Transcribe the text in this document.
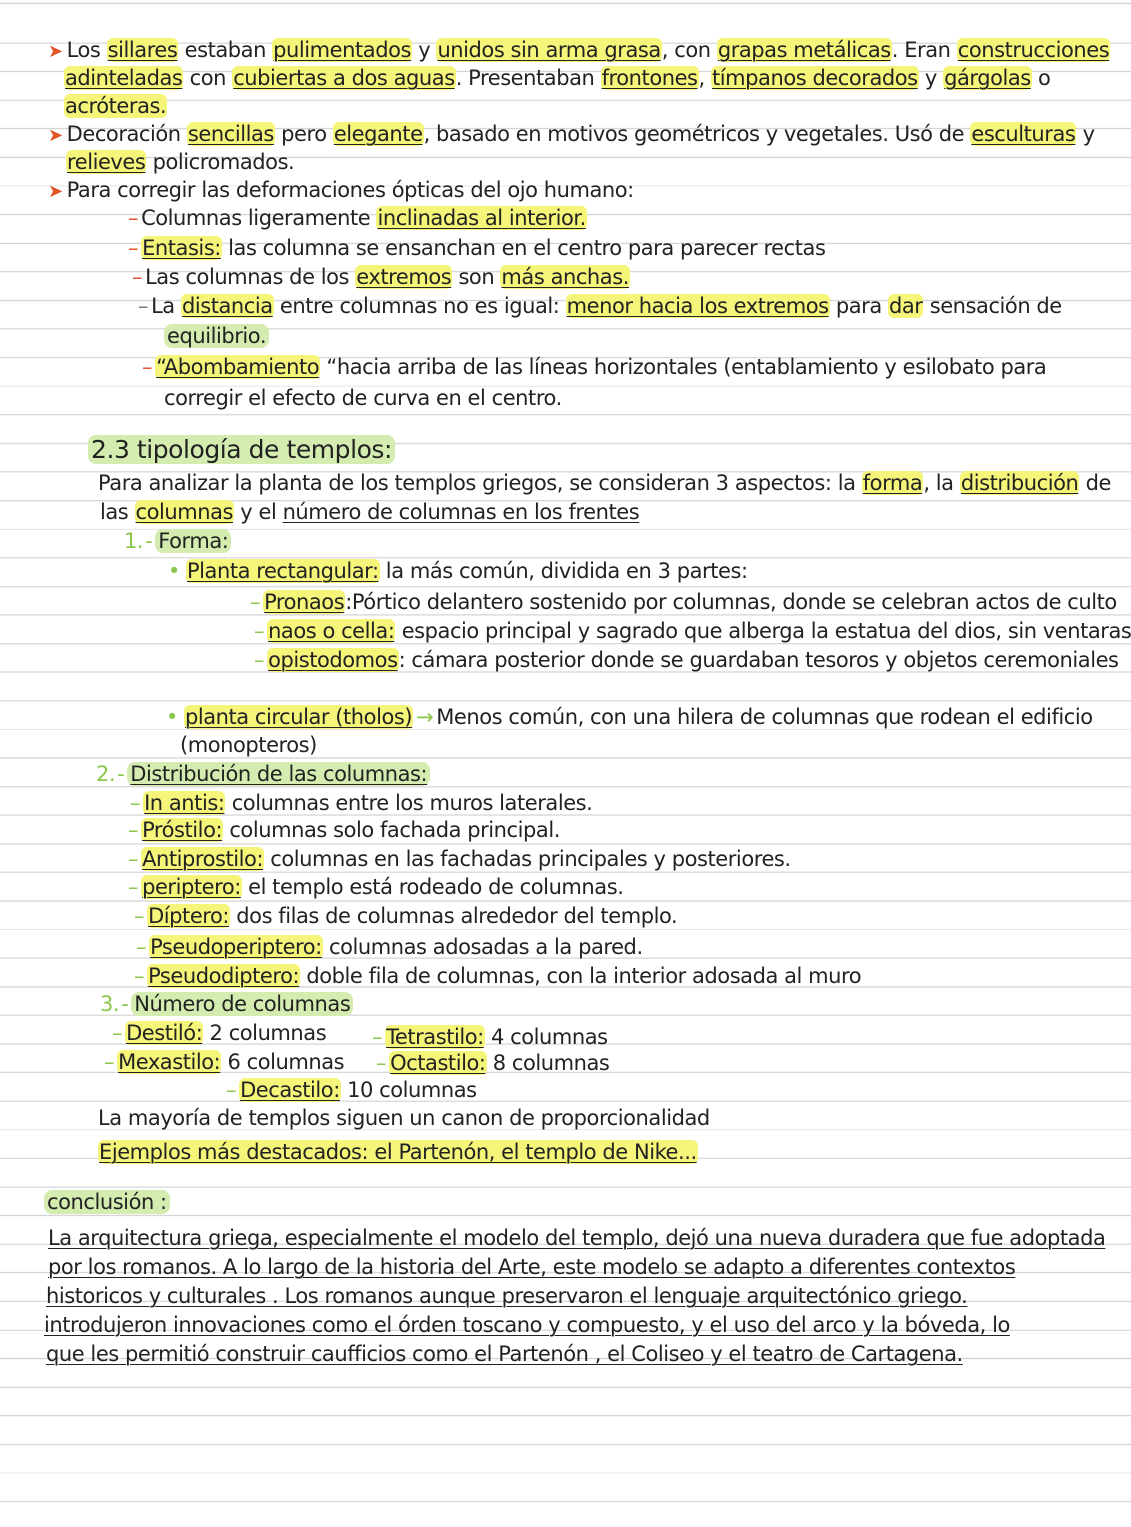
➤ Los sillares estaban pulimentados y unidos sin arma grasa, con grapas metálicas. Eran construcciones
adinteladas con cubiertas a dos aguas. Presentaban frontones, tímpanos decorados y gárgolas o
acróteras.
➤ Decoración sencillas pero elegante, basado en motivos geométricos y vegetales. Usó de esculturas y
relieves policromados.
➤ Para corregir las deformaciones ópticas del ojo humano:
– Columnas ligeramente inclinadas al interior.
– Entasis: las columna se ensanchan en el centro para parecer rectas
– Las columnas de los extremos son más anchas.
– La distancia entre columnas no es igual: menor hacia los extremos para dar sensación de
equilibrio.
– “Abombamiento “hacia arriba de las líneas horizontales (entablamiento y esilobato para
corregir el efecto de curva en el centro.
2.3 tipología de templos:
Para analizar la planta de los templos griegos, se consideran 3 aspectos: la forma, la distribución de
las columnas y el número de columnas en los frentes
1.- Forma:
• Planta rectangular: la más común, dividida en 3 partes:
– Pronaos:Pórtico delantero sostenido por columnas, donde se celebran actos de culto
– naos o cella: espacio principal y sagrado que alberga la estatua del dios, sin ventaras
– opistodomos: cámara posterior donde se guardaban tesoros y objetos ceremoniales
• planta circular (tholos) → Menos común, con una hilera de columnas que rodean el edificio
(monopteros)
2.- Distribución de las columnas:
– In antis: columnas entre los muros laterales.
– Próstilo: columnas solo fachada principal.
– Antiprostilo: columnas en las fachadas principales y posteriores.
– periptero: el templo está rodeado de columnas.
– Díptero: dos filas de columnas alrededor del templo.
– Pseudoperiptero: columnas adosadas a la pared.
– Pseudodiptero: doble fila de columnas, con la interior adosada al muro
3.- Número de columnas
– Destiló: 2 columnas – Tetrastilo: 4 columnas
– Mexastilo: 6 columnas – Octastilo: 8 columnas
– Decastilo: 10 columnas
La mayoría de templos siguen un canon de proporcionalidad
Ejemplos más destacados: el Partenón, el templo de Nike...
conclusión :
La arquitectura griega, especialmente el modelo del templo, dejó una nueva duradera que fue adoptada
por los romanos. A lo largo de la historia del Arte, este modelo se adapto a diferentes contextos
historicos y culturales . Los romanos aunque preservaron el lenguaje arquitectónico griego.
introdujeron innovaciones como el órden toscano y compuesto, y el uso del arco y la bóveda, lo
que les permitió construir caufficios como el Partenón , el Coliseo y el teatro de Cartagena.
